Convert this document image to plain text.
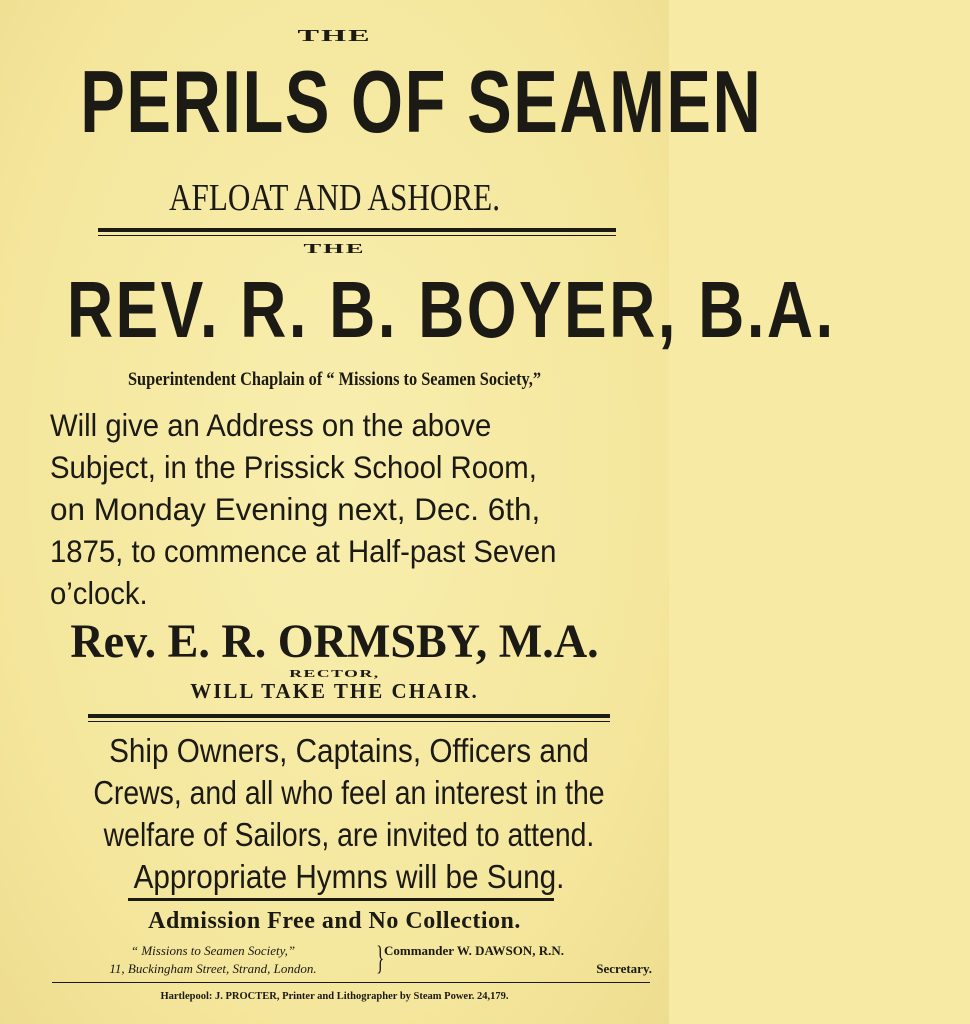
THE
PERILS OF SEAMEN
AFLOAT AND ASHORE.
THE
REV. R. B. BOYER, B.A.
Superintendent Chaplain of “ Missions to Seamen Society,”
Will give an Address on the above
Subject, in the Prissick School Room,
on Monday Evening next, Dec. 6th,
1875, to commence at Half-past Seven
o’clock.
Rev. E. R. ORMSBY, M.A.
RECTOR,
WILL TAKE THE CHAIR.
Ship Owners, Captains, Officers and
Crews, and all who feel an interest in the
welfare of Sailors, are invited to attend.
Appropriate Hymns will be Sung.
Admission Free and No Collection.
“ Missions to Seamen Society,”
11, Buckingham Street, Strand, London.	} Commander W. DAWSON, R.N.
Secretary.
Hartlepool: J. PROCTER, Printer and Lithographer by Steam Power. 24,179.
